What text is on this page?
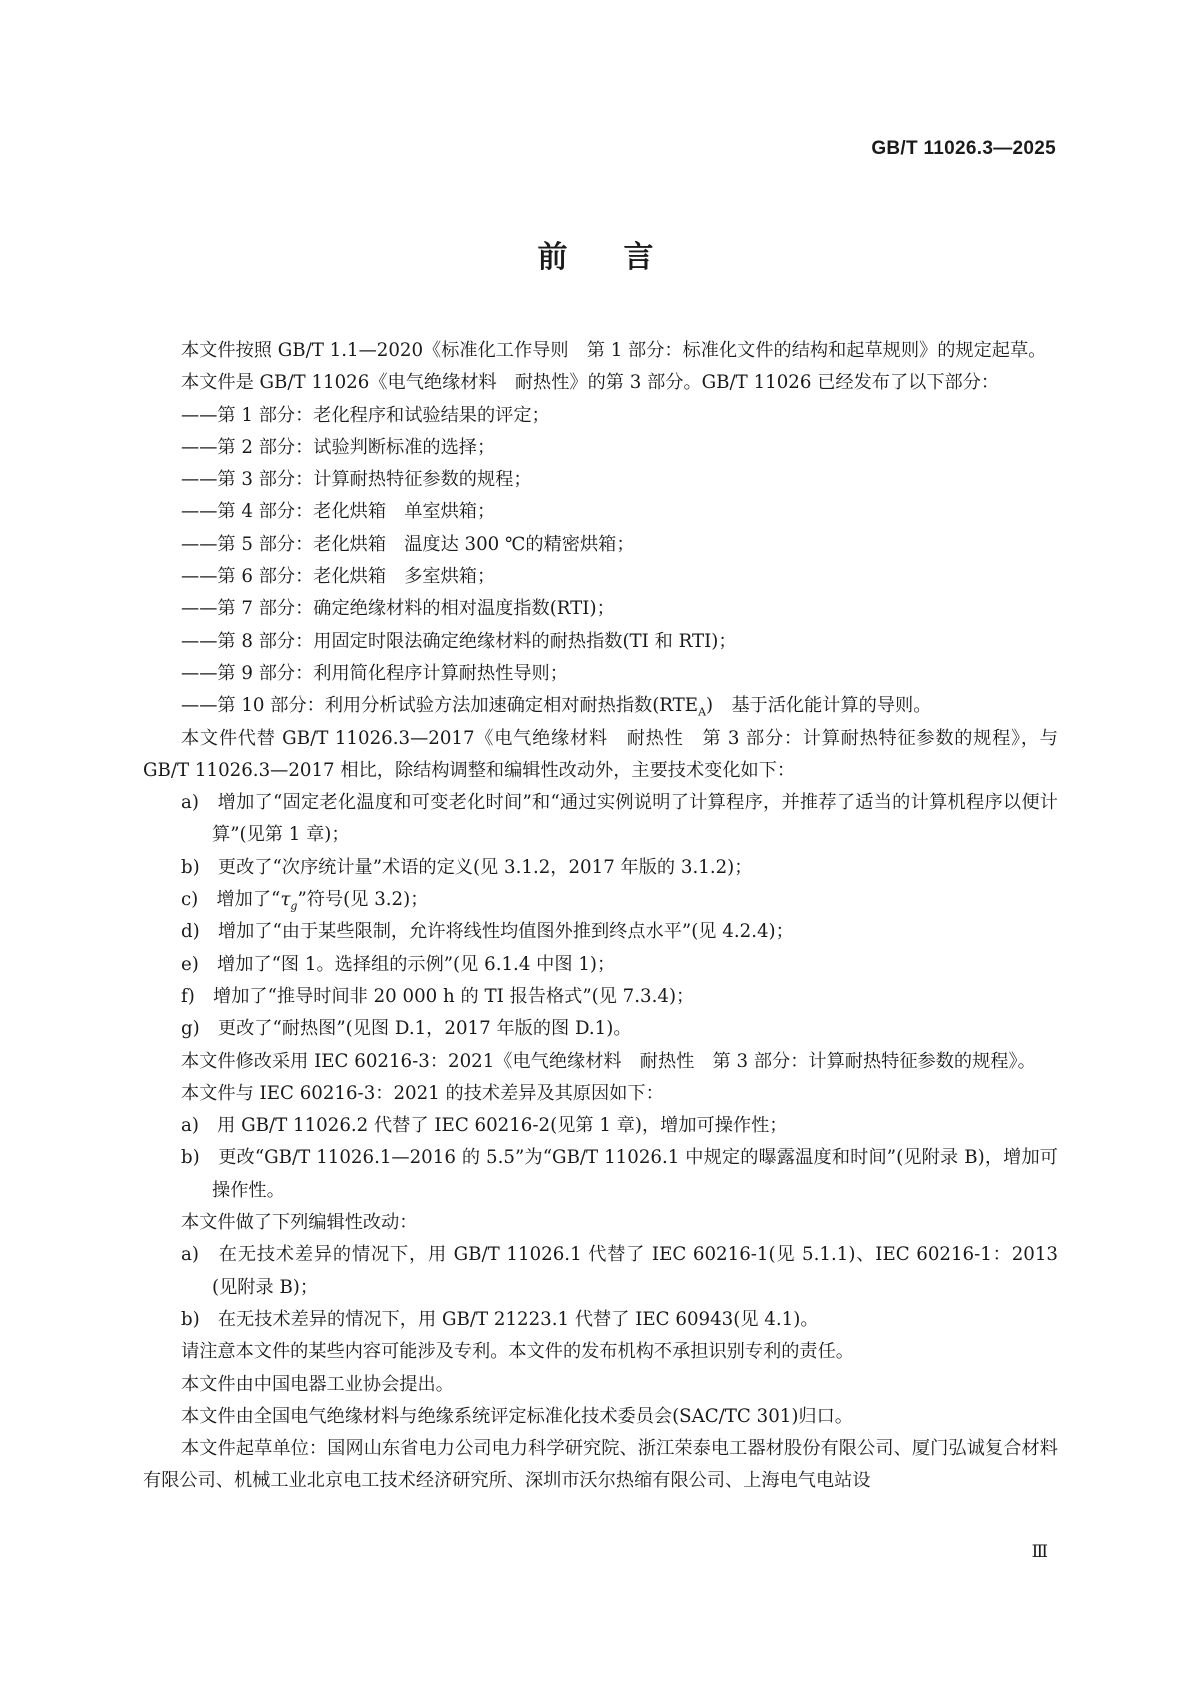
GB/T 11026.3—2025
前言

本文件按照 GB/T 1.1—2020《标准化工作导则　第 1 部分：标准化文件的结构和起草规则》的规定起草。

本文件是 GB/T 11026《电气绝缘材料　耐热性》的第 3 部分。GB/T 11026 已经发布了以下部分：

——第 1 部分：老化程序和试验结果的评定；

——第 2 部分：试验判断标准的选择；

——第 3 部分：计算耐热特征参数的规程；

——第 4 部分：老化烘箱　单室烘箱；

——第 5 部分：老化烘箱　温度达 300 ℃的精密烘箱；

——第 6 部分：老化烘箱　多室烘箱；

——第 7 部分：确定绝缘材料的相对温度指数(RTI)；

——第 8 部分：用固定时限法确定绝缘材料的耐热指数(TI 和 RTI)；

——第 9 部分：利用简化程序计算耐热性导则；

——第 10 部分：利用分析试验方法加速确定相对耐热指数$(RTE_A)$　基于活化能计算的导则。

本文件代替 GB/T 11026.3—2017《电气绝缘材料　耐热性　第 3 部分：计算耐热特征参数的规程》，与 GB/T 11026.3—2017 相比，除结构调整和编辑性改动外，主要技术变化如下：

a)　增加了“固定老化温度和可变老化时间”和“通过实例说明了计算程序，并推荐了适当的计算机程序以便计算”(见第 1 章)；

b)　更改了“次序统计量”术语的定义(见 3.1.2，2017 年版的 3.1.2)；

c)　增加了“$\tau_g$”符号(见 3.2)；

d)　增加了“由于某些限制，允许将线性均值图外推到终点水平”(见 4.2.4)；

e)　增加了“图 1。选择组的示例”(见 6.1.4 中图 1)；

f)　增加了“推导时间非 20 000 h 的 TI 报告格式”(见 7.3.4)；

g)　更改了“耐热图”(见图 D.1，2017 年版的图 D.1)。

本文件修改采用 IEC 60216-3：2021《电气绝缘材料　耐热性　第 3 部分：计算耐热特征参数的规程》。

本文件与 IEC 60216-3：2021 的技术差异及其原因如下：

a)　用 GB/T 11026.2 代替了 IEC 60216-2(见第 1 章)，增加可操作性；

b)　更改“GB/T 11026.1—2016 的 5.5”为“GB/T 11026.1 中规定的曝露温度和时间”(见附录 B)，增加可操作性。

本文件做了下列编辑性改动：

a)　在无技术差异的情况下，用 GB/T 11026.1 代替了 IEC 60216-1(见 5.1.1)、IEC 60216-1：2013 (见附录 B)；

b)　在无技术差异的情况下，用 GB/T 21223.1 代替了 IEC 60943(见 4.1)。

请注意本文件的某些内容可能涉及专利。本文件的发布机构不承担识别专利的责任。

本文件由中国电器工业协会提出。

本文件由全国电气绝缘材料与绝缘系统评定标准化技术委员会(SAC/TC 301)归口。

本文件起草单位：国网山东省电力公司电力科学研究院、浙江荣泰电工器材股份有限公司、厦门弘诚复合材料有限公司、机械工业北京电工技术经济研究所、深圳市沃尔热缩有限公司、上海电气电站设

Ⅲ
